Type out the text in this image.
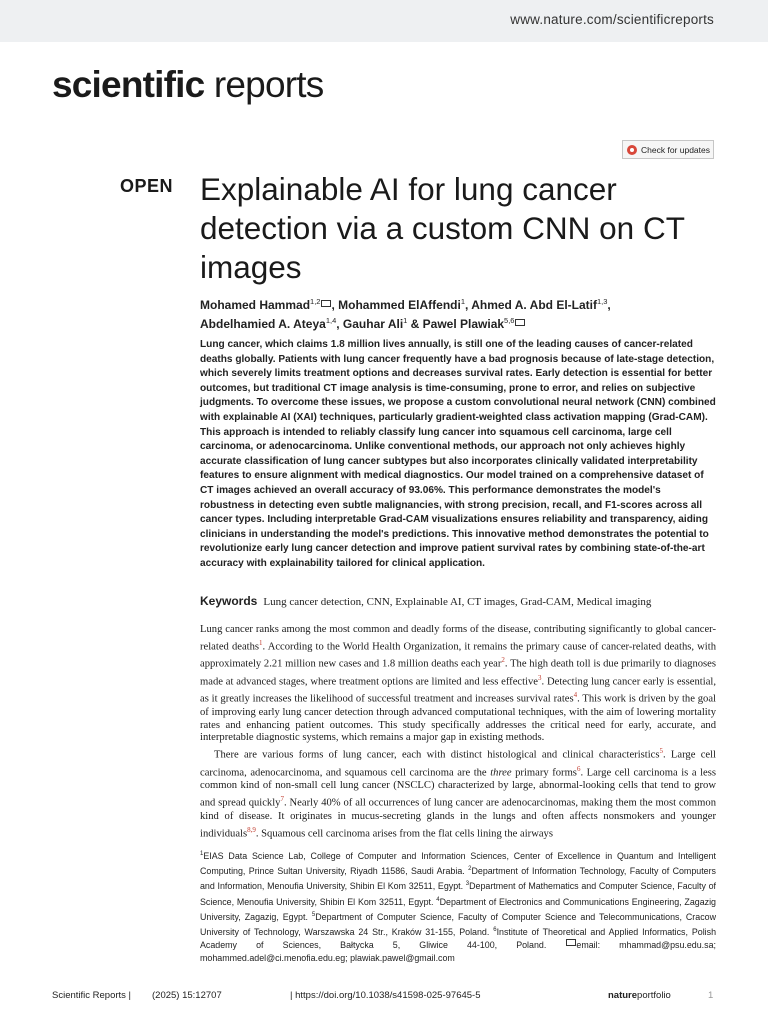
www.nature.com/scientificreports
scientific reports
Check for updates
OPEN Explainable AI for lung cancer detection via a custom CNN on CT images
Mohamed Hammad$^{1,2}$ , Mohammed ElAffendi$^1$, Ahmed A. Abd El-Latif$^{1,3}$,
Abdelhamied A. Ateya$^{1,4}$, Gauhar Ali$^1$ & Pawel Plawiak$^{5,6}$
Lung cancer, which claims 1.8 million lives annually, is still one of the leading causes of cancer-related deaths globally. Patients with lung cancer frequently have a bad prognosis because of late-stage detection, which severely limits treatment options and decreases survival rates. Early detection is essential for better outcomes, but traditional CT image analysis is time-consuming, prone to error, and relies on subjective judgments. To overcome these issues, we propose a custom convolutional neural network (CNN) combined with explainable AI (XAI) techniques, particularly gradient-weighted class activation mapping (Grad-CAM). This approach is intended to reliably classify lung cancer into squamous cell carcinoma, large cell carcinoma, or adenocarcinoma. Unlike conventional methods, our approach not only achieves highly accurate classification of lung cancer subtypes but also incorporates clinically validated interpretability features to ensure alignment with medical diagnostics. Our model trained on a comprehensive dataset of CT images achieved an overall accuracy of 93.06%. This performance demonstrates the model's robustness in detecting even subtle malignancies, with strong precision, recall, and F1-scores across all cancer types. Including interpretable Grad-CAM visualizations ensures reliability and transparency, aiding clinicians in understanding the model's predictions. This innovative method demonstrates the potential to revolutionize early lung cancer detection and improve patient survival rates by combining state-of-the-art accuracy with explainability tailored for clinical application.
Keywords Lung cancer detection, CNN, Explainable AI, CT images, Grad-CAM, Medical imaging

Lung cancer ranks among the most common and deadly forms of the disease, contributing significantly to global cancer-related deaths$^1$. According to the World Health Organization, it remains the primary cause of cancer-related deaths, with approximately 2.21 million new cases and 1.8 million deaths each year$^2$. The high death toll is due primarily to diagnoses made at advanced stages, where treatment options are limited and less effective$^3$. Detecting lung cancer early is essential, as it greatly increases the likelihood of successful treatment and increases survival rates$^4$. This work is driven by the goal of improving early lung cancer detection through advanced computational techniques, with the aim of lowering mortality rates and enhancing patient outcomes. This study specifically addresses the critical need for early, accurate, and interpretable diagnostic systems, which remains a major gap in existing methods.

There are various forms of lung cancer, each with distinct histological and clinical characteristics$^5$. Large cell carcinoma, adenocarcinoma, and squamous cell carcinoma are the three primary forms$^6$. Large cell carcinoma is a less common kind of non-small cell lung cancer (NSCLC) characterized by large, abnormal-looking cells that tend to grow and spread quickly$^7$. Nearly 40% of all occurrences of lung cancer are adenocarcinomas, making them the most common kind of disease. It originates in mucus-secreting glands in the lungs and often affects nonsmokers and younger individuals$^{8,9}$. Squamous cell carcinoma arises from the flat cells lining the airways

$^1$EIAS Data Science Lab, College of Computer and Information Sciences, Center of Excellence in Quantum and Intelligent Computing, Prince Sultan University, Riyadh 11586, Saudi Arabia. $^2$Department of Information Technology, Faculty of Computers and Information, Menoufia University, Shibin El Kom 32511, Egypt. $^3$Department of Mathematics and Computer Science, Faculty of Science, Menoufia University, Shibin El Kom 32511, Egypt. $^4$Department of Electronics and Communications Engineering, Zagazig University, Zagazig, Egypt. $^5$Department of Computer Science, Faculty of Computer Science and Telecommunications, Cracow University of Technology, Warszawska 24 Str., Kraków 31-155, Poland. $^6$Institute of Theoretical and Applied Informatics, Polish Academy of Sciences, Bałtycka 5, Gliwice 44-100, Poland. email: mhammad@psu.edu.sa; mohammed.adel@ci.menofia.edu.eg; plawiak.pawel@gmail.com
Scientific Reports | (2025) 15:12707	| https://doi.org/10.1038/s41598-025-97645-5	natureportfolio	1
